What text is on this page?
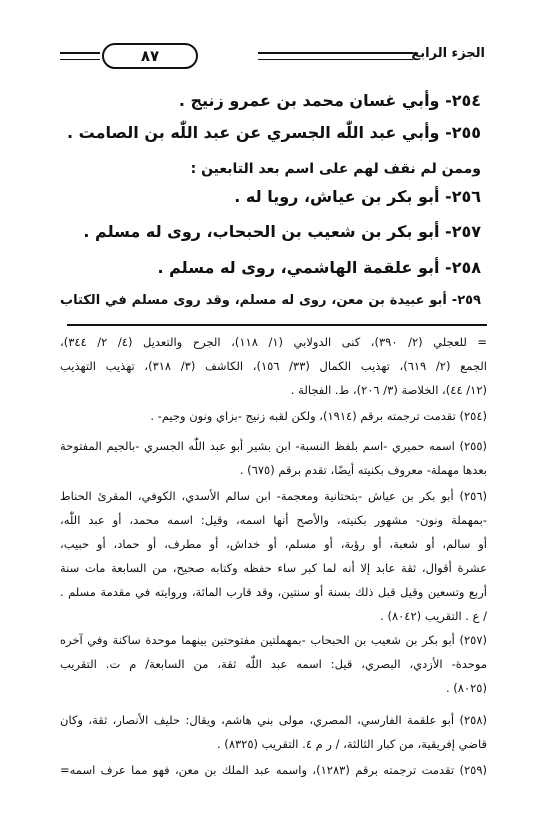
الجزء الرابع
٨٧
٢٥٤- وأبي غسان محمد بن عمرو زنيج .
٢٥٥- وأبي عبد اللّٰه الجسري عن عبد اللّٰه بن الصامت .
وممن لم نقف لهم على اسم بعد التابعين :
٢٥٦- أبو بكر بن عياش، رويا له .
٢٥٧- أبو بكر بن شعيب بن الحبحاب، روى له مسلم .
٢٥٨- أبو علقمة الهاشمي، روى له مسلم .
٢٥٩- أبو عبيدة بن معن، روى له مسلم، وقد روى مسلم في الكتاب

= للعجلي (٢/ ٣٩٠)، كنى الدولابي (١/ ١١٨)، الجرح والتعديل (٤/ ٢/ ٣٤٤)،

الجمع (٢/ ٦١٩)، تهذيب الكمال (٣٣/ ١٥٦)، الكاشف (٣/ ٣١٨)، تهذيب التهذيب

(١٢/ ٤٤)، الخلاصة (٣/ ٢٠٦)، ط. الفجالة .

(٢٥٤) تقدمت ترجمته برقم (١٩١٤)، ولكن لقبه زنيج -بزاي ونون وجيم- .

(٢٥٥) اسمه حميري -اسم بلفظ النسبة- ابن بشير أبو عبد اللّٰه الجسري -بالجيم المفتوحة

بعدها مهملة- معروف بكنيته أيضًا، تقدم برقم (٦٧٥) .

(٢٥٦) أبو بكر بن عياش -بتحتانية ومعجمة- ابن سالم الأسدي، الكوفي، المقرئ الحناط

-بمهملة ونون- مشهور بكنيته، والأصح أنها اسمه، وقيل: اسمه محمد، أو عبد اللّٰه،

أو سالم، أو شعبة، أو رؤبة، أو مسلم، أو خداش، أو مطرف، أو حماد، أو حبيب،

عشرة أقوال، ثقة عابد إلا أنه لما كبر ساء حفظه وكتابه صحيح، من السابعة مات سنة

أربع وتسعين وقيل قبل ذلك بسنة أو سنتين، وقد قارب المائة، وروايته في مقدمة مسلم .

/ ع . التقريب (٨٠٤٢) .

(٢٥٧) أبو بكر بن شعيب بن الحبحاب -بمهملتين مفتوحتين بينهما موحدة ساكنة وفي آخره

موحدة- الأزدي، البصري، قيل: اسمه عبد اللّٰه ثقة، من السابعة/ م ت. التقريب

(٨٠٢٥) .

(٢٥٨) أبو علقمة الفارسي، المصري، مولى بني هاشم، ويقال: حليف الأنصار، ثقة، وكان

قاضي إفريقية، من كبار الثالثة، / ر م ٤. التقريب (٨٣٢٥) .

(٢٥٩) تقدمت ترجمته برقم (١٢٨٣)، واسمه عبد الملك بن معن، فهو مما عرف اسمه=
